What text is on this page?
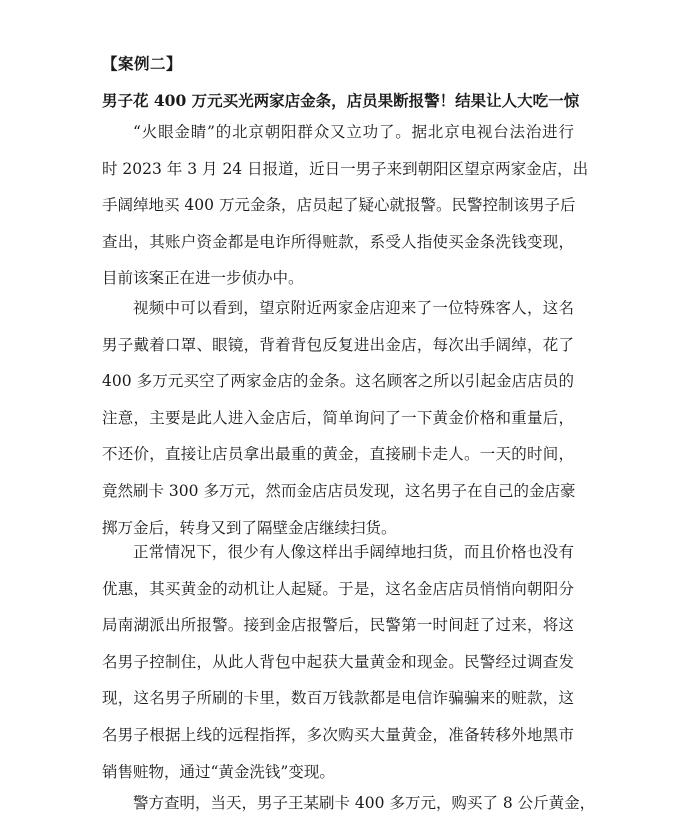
【案例二】
男子花 400 万元买光两家店金条，店员果断报警！结果让人大吃一惊
“火眼金睛”的北京朝阳群众又立功了。据北京电视台法治进行
时 2023 年 3 月 24 日报道，近日一男子来到朝阳区望京两家金店，出
手阔绰地买 400 万元金条，店员起了疑心就报警。民警控制该男子后
查出，其账户资金都是电诈所得赃款，系受人指使买金条洗钱变现，
目前该案正在进一步侦办中。
视频中可以看到，望京附近两家金店迎来了一位特殊客人，这名
男子戴着口罩、眼镜，背着背包反复进出金店，每次出手阔绰，花了
400 多万元买空了两家金店的金条。这名顾客之所以引起金店店员的
注意，主要是此人进入金店后，简单询问了一下黄金价格和重量后，
不还价，直接让店员拿出最重的黄金，直接刷卡走人。一天的时间，
竟然刷卡 300 多万元，然而金店店员发现，这名男子在自己的金店豪
掷万金后，转身又到了隔壁金店继续扫货。
正常情况下，很少有人像这样出手阔绰地扫货，而且价格也没有
优惠，其买黄金的动机让人起疑。于是，这名金店店员悄悄向朝阳分
局南湖派出所报警。接到金店报警后，民警第一时间赶了过来，将这
名男子控制住，从此人背包中起获大量黄金和现金。民警经过调查发
现，这名男子所刷的卡里，数百万钱款都是电信诈骗骗来的赃款，这
名男子根据上线的远程指挥，多次购买大量黄金，准备转移外地黑市
销售赃物，通过“黄金洗钱”变现。
警方查明，当天，男子王某刷卡 400 多万元，购买了 8 公斤黄金，
